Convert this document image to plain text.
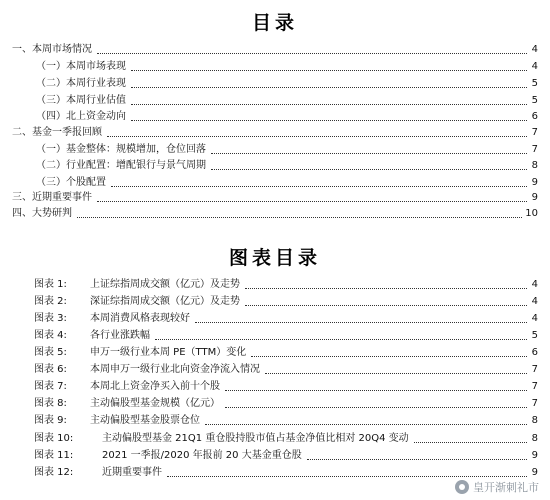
目录
一、本周市场情况	4
（一）本周市场表现	4
（二）本周行业表现	5
（三）本周行业估值	5
（四）北上资金动向	6
二、基金一季报回顾	7
（一）基金整体：规模增加，仓位回落	7
（二）行业配置：增配银行与景气周期	8
（三）个股配置	9
三、近期重要事件	9
四、大势研判	10
图表目录
图表 1:	上证综指周成交额（亿元）及走势	4
图表 2:	深证综指周成交额（亿元）及走势	4
图表 3:	本周消费风格表现较好	4
图表 4:	各行业涨跌幅	5
图表 5:	申万一级行业本周 PE（TTM）变化	6
图表 6:	本周申万一级行业北向资金净流入情况	7
图表 7:	本周北上资金净买入前十个股	7
图表 8:	主动偏股型基金规模（亿元）	7
图表 9:	主动偏股型基金股票仓位	8
图表 10:	主动偏股型基金 21Q1 重仓股持股市值占基金净值比相对 20Q4 变动	8
图表 11:	2021 一季报/2020 年报前 20 大基金重仓股	9
图表 12:	近期重要事件	9
皇开渐刺礼市
